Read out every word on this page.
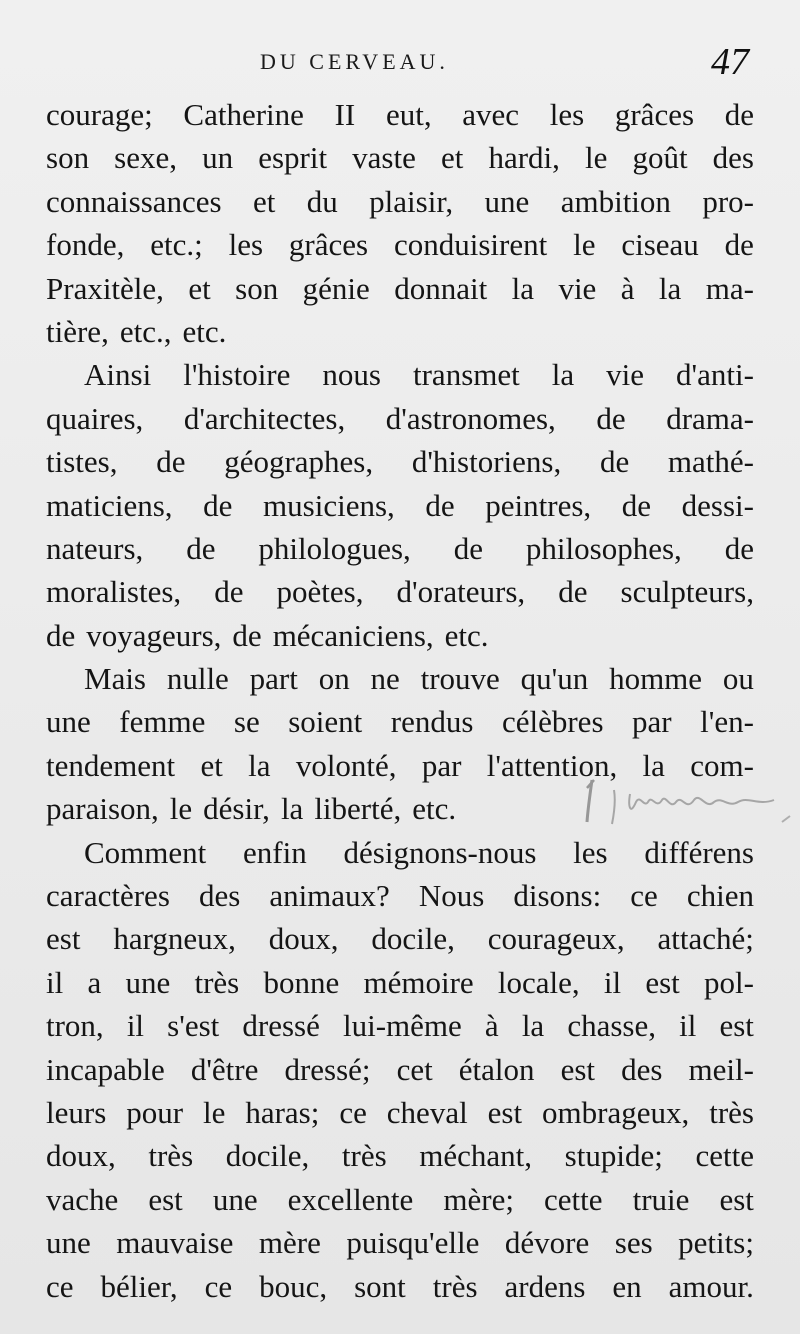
DU CERVEAU.	47
courage; Catherine II eut, avec les grâces de
son sexe, un esprit vaste et hardi, le goût des
connaissances et du plaisir, une ambition pro-
fonde, etc.; les grâces conduisirent le ciseau de
Praxitèle, et son génie donnait la vie à la ma-
tière, etc., etc.
Ainsi l'histoire nous transmet la vie d'anti-
quaires, d'architectes, d'astronomes, de drama-
tistes, de géographes, d'historiens, de mathé-
maticiens, de musiciens, de peintres, de dessi-
nateurs, de philologues, de philosophes, de
moralistes, de poètes, d'orateurs, de sculpteurs,
de voyageurs, de mécaniciens, etc.
Mais nulle part on ne trouve qu'un homme ou
une femme se soient rendus célèbres par l'en-
tendement et la volonté, par l'attention, la com-
paraison, le désir, la liberté, etc.
Comment enfin désignons-nous les différens
caractères des animaux? Nous disons: ce chien
est hargneux, doux, docile, courageux, attaché;
il a une très bonne mémoire locale, il est pol-
tron, il s'est dressé lui-même à la chasse, il est
incapable d'être dressé; cet étalon est des meil-
leurs pour le haras; ce cheval est ombrageux, très
doux, très docile, très méchant, stupide; cette
vache est une excellente mère; cette truie est
une mauvaise mère puisqu'elle dévore ses petits;
ce bélier, ce bouc, sont très ardens en amour.
